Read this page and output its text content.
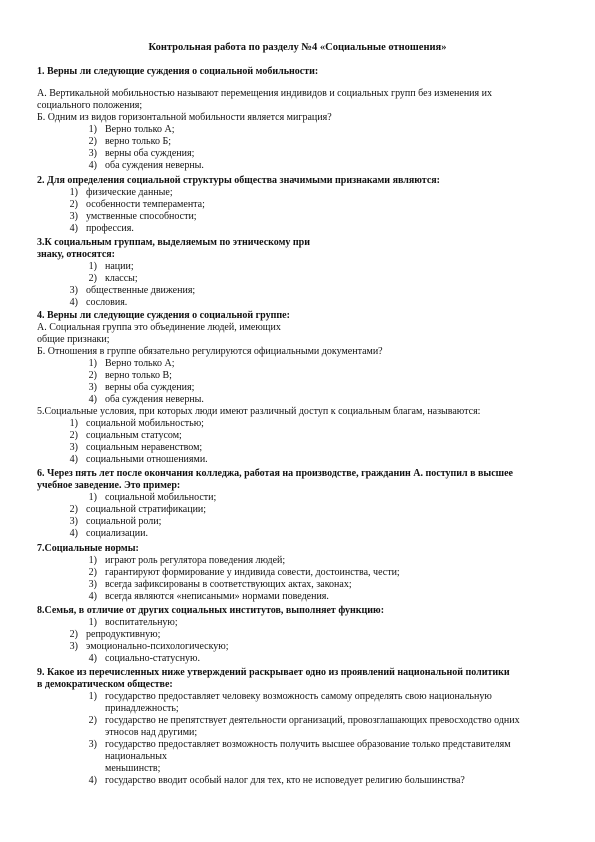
Контрольная работа по разделу №4 «Социальные отношения»
1. Верны ли следующие суждения о социальной мобильности:
А. Вертикальной мобильностью называют перемещения индивидов и социальных групп без изменения их
социального положения;
Б. Одним из видов горизонтальной мобильности является миграция?
1) Верно только А;
2) верно только Б;
3) верны оба суждения;
4) оба суждения неверны.
2. Для определения социальной структуры общества значимыми признаками являются:
1) физические данные;
2) особенности темперамента;
3) умственные способности;
4) профессия.
3.К социальным группам, выделяемым по этническому при
знаку, относятся:
1) нации;
2) классы;
3) общественные движения;
4) сословия.
4. Верны ли следующие суждения о социальной группе:
А. Социальная группа это объединение людей, имеющих
общие признаки;
Б. Отношения в группе обязательно регулируются официальными документами?
1) Верно только А;
2) верно только В;
3) верны оба суждения;
4) оба суждения неверны.
5.Социальные условия, при которых люди имеют различный доступ к социальным благам, называются:
1) социальной мобильностью;
2) социальным статусом;
3) социальным неравенством;
4) социальными отношениями.
6. Через пять лет после окончания колледжа, работая на производстве, гражданин А. поступил в высшее
учебное заведение. Это пример:
1) социальной мобильности;
2) социальной стратификации;
3) социальной роли;
4) социализации.
7.Социальные нормы:
1) играют роль регулятора поведения людей;
2) гарантируют формирование у индивида совести, достоинства, чести;
3) всегда зафиксированы в соответствующих актах, законах;
4) всегда являются «неписаными» нормами поведения.
8.Семья, в отличие от других социальных институтов, выполняет функцию:
1) воспитательную;
2) репродуктивную;
3) эмоционально-психологическую;
4) социально-статусную.
9. Какое из перечисленных ниже утверждений раскрывает одно из проявлений национальной политики
в демократическом обществе:
1) государство предоставляет человеку возможность самому определять свою национальную
принадлежность;
2) государство не препятствует деятельности организаций, провозглашающих превосходство одних
этносов над другими;
3) государство предоставляет возможность получить высшее образование только представителям
национальных
меньшинств;
4) государство вводит особый налог для тех, кто не исповедует религию большинства?
